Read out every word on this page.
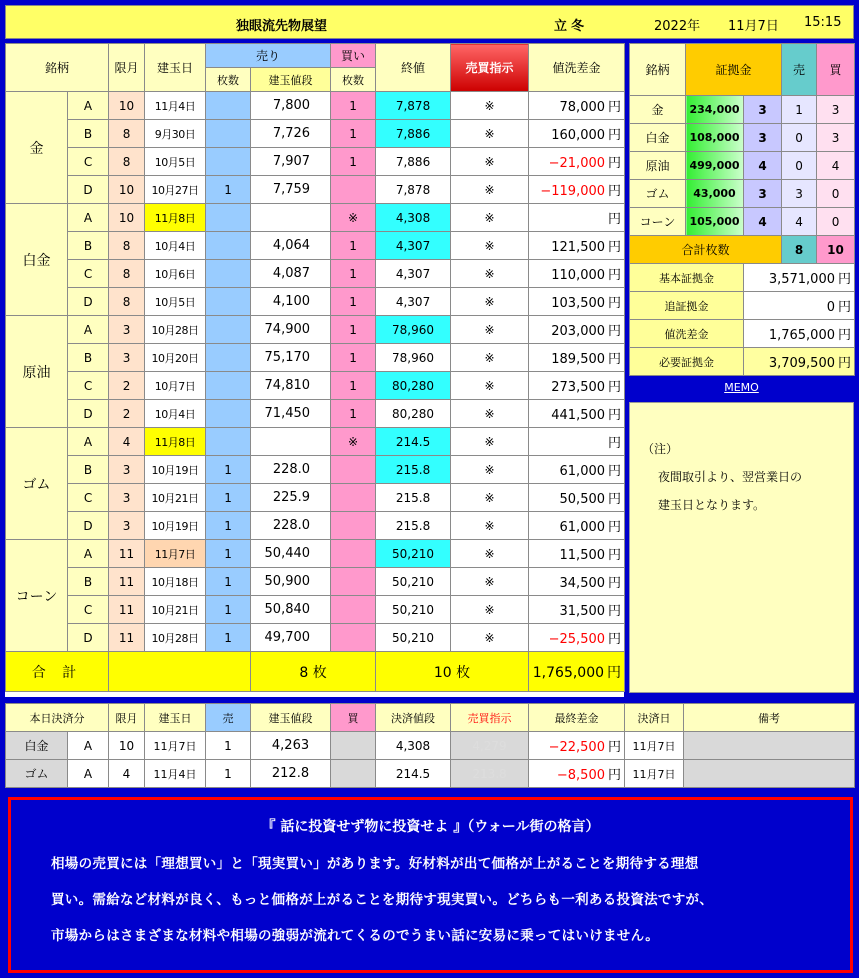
独眼流先物展望	立冬	2022年 11月7日 15:15
銘柄		限月	建玉日	売り		買い	終値	売買指示	値洗差金
				枚数	建玉値段	枚数			
金	A	10	11月4日		7,800	1	7,878	※	78,000 円
	B	8	9月30日		7,726	1	7,886	※	160,000 円
	C	8	10月5日		7,907	1	7,886	※	−21,000 円
	D	10	10月27日	1	7,759		7,878	※	−119,000 円
白金	A	10	11月8日			※	4,308	※	円
	B	8	10月4日		4,064	1	4,307	※	121,500 円
	C	8	10月6日		4,087	1	4,307	※	110,000 円
	D	8	10月5日		4,100	1	4,307	※	103,500 円
原油	A	3	10月28日		74,900	1	78,960	※	203,000 円
	B	3	10月20日		75,170	1	78,960	※	189,500 円
	C	2	10月7日		74,810	1	80,280	※	273,500 円
	D	2	10月4日		71,450	1	80,280	※	441,500 円
ゴム	A	4	11月8日			※	214.5	※	円
	B	3	10月19日	1	228.0		215.8	※	61,000 円
	C	3	10月21日	1	225.9		215.8	※	50,500 円
	D	3	10月19日	1	228.0		215.8	※	61,000 円
コーン	A	11	11月7日	1	50,440		50,210	※	11,500 円
	B	11	10月18日	1	50,900		50,210	※	34,500 円
	C	11	10月21日	1	50,840		50,210	※	31,500 円
	D	11	10月28日	1	49,700		50,210	※	−25,500 円
合 計					8 枚		10 枚		1,765,000 円
銘柄	証拠金		売	買
金	234,000	3	1	3
白金	108,000	3	0	3
原油	499,000	4	0	4
ゴム	43,000	3	3	0
コーン	105,000	4	4	0
合計枚数			8	10
基本証拠金		3,571,000 円		
追証拠金		0 円		
値洗差金		1,765,000 円		
必要証拠金		3,709,500 円		
MEMO
（注）
夜間取引より、翌営業日の
建玉日となります。
本日決済分		限月	建玉日	売	建玉値段	買	決済値段	売買指示	最終差金	決済日	備考
白金	A	10	11月7日	1	4,263		4,308	4,279	−22,500 円	11月7日	
ゴム	A	4	11月4日	1	212.8		214.5	213.8	−8,500 円	11月7日	
『 話に投資せず物に投資せよ 』（ウォール街の格言）

相場の売買には「理想買い」と「現実買い」があります。好材料が出て価格が上がることを期待する理想

買い。需給など材料が良く、もっと価格が上がることを期待す現実買い。どちらも一利ある投資法ですが、

市場からはさまざまな材料や相場の強弱が流れてくるのでうまい話に安易に乗ってはいけません。
